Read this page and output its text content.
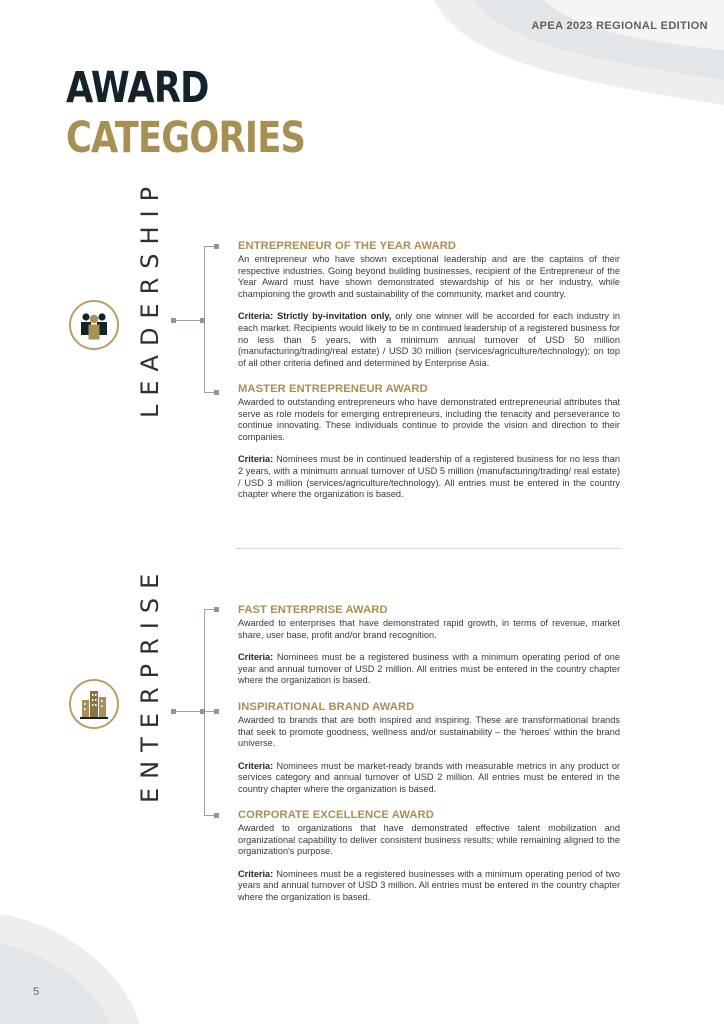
APEA 2023 REGIONAL EDITION
AWARD
CATEGORIES
LEADERSHIP	ENTREPRENEUR OF THE YEAR AWARD

An entrepreneur who have shown exceptional leadership and are the captains of their respective industries. Going beyond building businesses, recipient of the Entrepreneur of the Year Award must have shown demonstrated stewardship of his or her industry, while championing the growth and sustainability of the community, market and country.

Criteria: Strictly by-invitation only, only one winner will be accorded for each industry in each market. Recipients would likely to be in continued leadership of a registered business for no less than 5 years, with a minimum annual turnover of USD 50 million (manufacturing/trading/real estate) / USD 30 million (services/agriculture/technology); on top of all other criteria defined and determined by Enterprise Asia.

MASTER ENTREPRENEUR AWARD

Awarded to outstanding entrepreneurs who have demonstrated entrepreneurial attributes that serve as role models for emerging entrepreneurs, including the tenacity and perseverance to continue innovating. These individuals continue to provide the vision and direction to their companies.

Criteria: Nominees must be in continued leadership of a registered business for no less than 2 years, with a minimum annual turnover of USD 5 million (manufacturing/trading/ real estate) / USD 3 million (services/agriculture/technology). All entries must be entered in the country chapter where the organization is based.

ENTERPRISE	FAST ENTERPRISE AWARD

Awarded to enterprises that have demonstrated rapid growth, in terms of revenue, market share, user base, profit and/or brand recognition.

Criteria: Nominees must be a registered business with a minimum operating period of one year and annual turnover of USD 2 million. All entries must be entered in the country chapter where the organization is based.

INSPIRATIONAL BRAND AWARD

Awarded to brands that are both inspired and inspiring. These are transformational brands that seek to promote goodness, wellness and/or sustainability – the 'heroes' within the brand universe.

Criteria: Nominees must be market-ready brands with measurable metrics in any product or services category and annual turnover of USD 2 million. All entries must be entered in the country chapter where the organization is based.

CORPORATE EXCELLENCE AWARD

Awarded to organizations that have demonstrated effective talent mobilization and organizational capability to deliver consistent business results; while remaining aligned to the organization's purpose.

Criteria: Nominees must be a registered businesses with a minimum operating period of two years and annual turnover of USD 3 million. All entries must be entered in the country chapter where the organization is based.

5
